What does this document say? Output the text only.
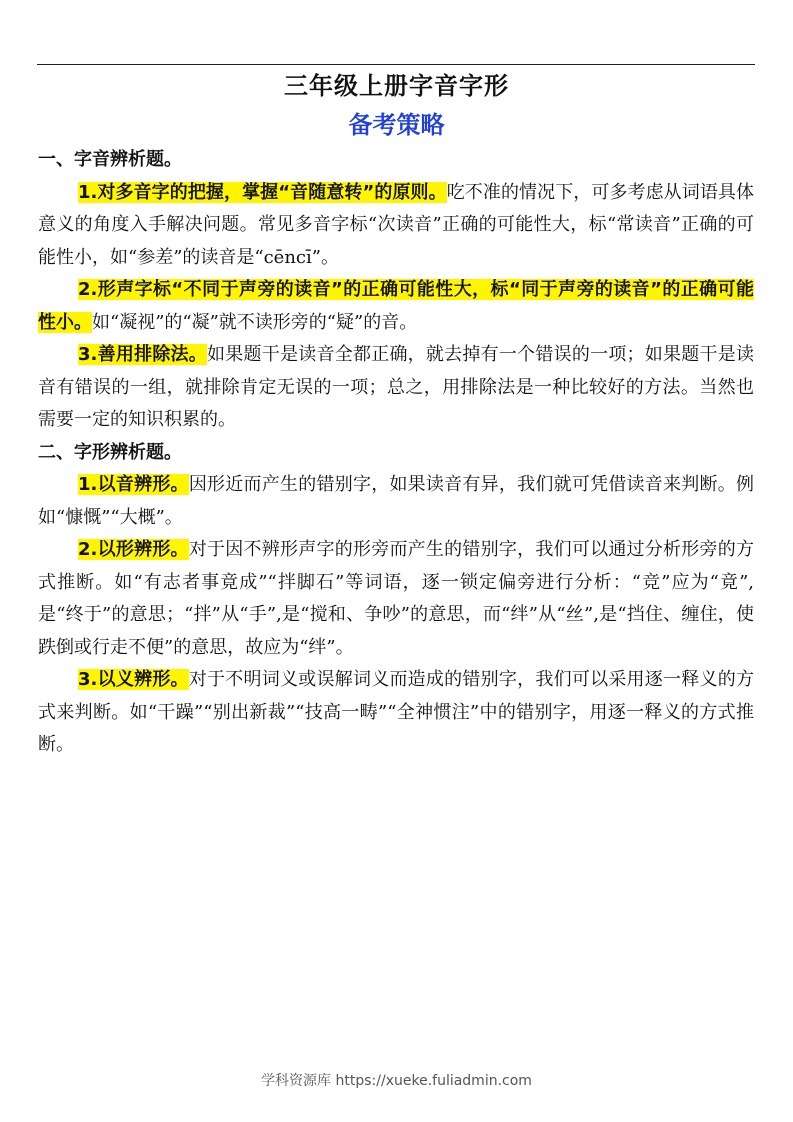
三年级上册字音字形
备考策略

一、字音辨析题。

1.对多音字的把握，掌握“音随意转”的原则。吃不准的情况下，可多考虑从词语具体意义的角度入手解决问题。常见多音字标“次读音”正确的可能性大，标“常读音”正确的可能性小，如“参差”的读音是“cēncī”。

2.形声字标“不同于声旁的读音”的正确可能性大，标“同于声旁的读音”的正确可能性小。如“凝视”的“凝”就不读形旁的“疑”的音。

3.善用排除法。如果题干是读音全都正确，就去掉有一个错误的一项；如果题干是读音有错误的一组，就排除肯定无误的一项；总之，用排除法是一种比较好的方法。当然也需要一定的知识积累的。

二、字形辨析题。

1.以音辨形。因形近而产生的错别字，如果读音有异，我们就可凭借读音来判断。例如“慷慨”“大概”。

2.以形辨形。对于因不辨形声字的形旁而产生的错别字，我们可以通过分析形旁的方式推断。如“有志者事竟成”“拌脚石”等词语，逐一锁定偏旁进行分析：“竞”应为“竟”,是“终于”的意思；“拌”从“手”,是“搅和、争吵”的意思，而“绊”从“丝”,是“挡住、缠住，使跌倒或行走不便”的意思，故应为“绊”。

3.以义辨形。对于不明词义或误解词义而造成的错别字，我们可以采用逐一释义的方式来判断。如“干躁”“别出新裁”“技高一畴”“全神惯注”中的错别字，用逐一释义的方式推断。

学科资源库 https://xueke.fuliadmin.com
